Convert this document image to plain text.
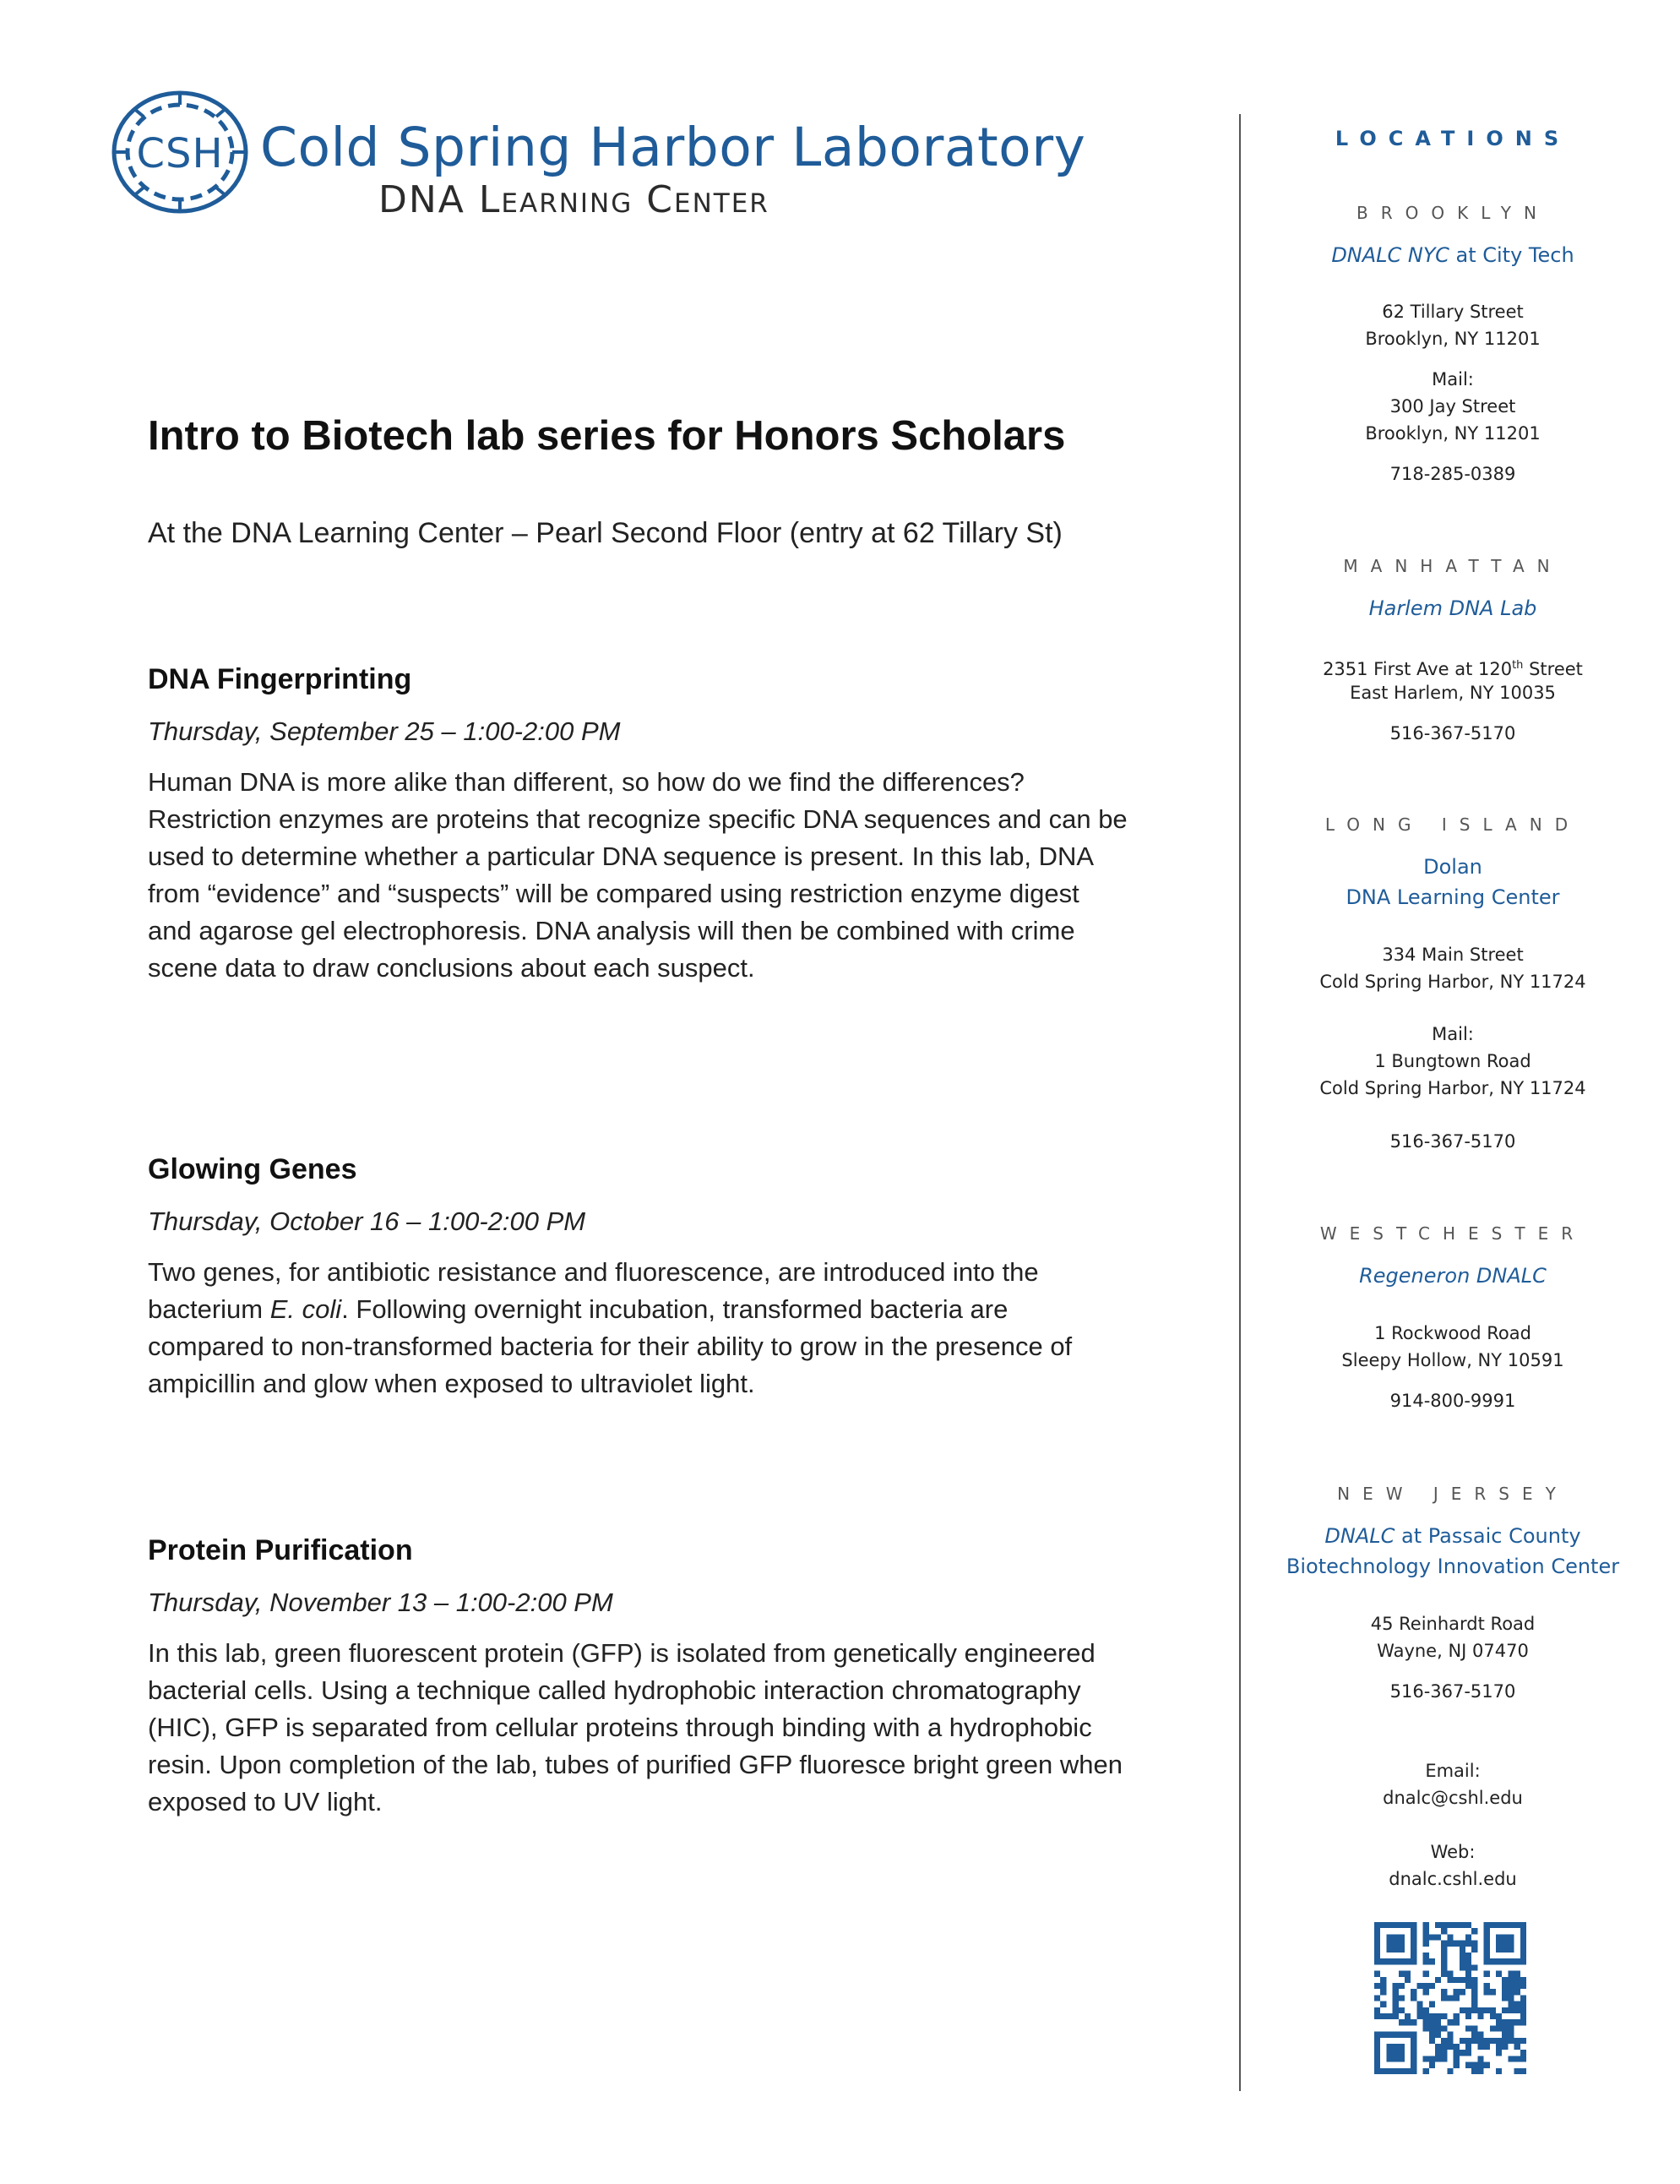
CSH Cold Spring Harbor Laboratory
DNA Learning Center
Intro to Biotech lab series for Honors Scholars

At the DNA Learning Center – Pearl Second Floor (entry at 62 Tillary St)

DNA Fingerprinting

Thursday, September 25 – 1:00-2:00 PM

Human DNA is more alike than different, so how do we find the differences? Restriction enzymes are proteins that recognize specific DNA sequences and can be used to determine whether a particular DNA sequence is present. In this lab, DNA from “evidence” and “suspects” will be compared using restriction enzyme digest and agarose gel electrophoresis. DNA analysis will then be combined with crime scene data to draw conclusions about each suspect.

Glowing Genes

Thursday, October 16 – 1:00-2:00 PM

Two genes, for antibiotic resistance and fluorescence, are introduced into the bacterium E. coli. Following overnight incubation, transformed bacteria are compared to non-transformed bacteria for their ability to grow in the presence of ampicillin and glow when exposed to ultraviolet light.

Protein Purification

Thursday, November 13 – 1:00-2:00 PM

In this lab, green fluorescent protein (GFP) is isolated from genetically engineered bacterial cells. Using a technique called hydrophobic interaction chromatography (HIC), GFP is separated from cellular proteins through binding with a hydrophobic resin. Upon completion of the lab, tubes of purified GFP fluoresce bright green when exposed to UV light.

LOCATIONS

BROOKLYN

DNALC NYC at City Tech

62 Tillary Street

Brooklyn, NY 11201

Mail:

300 Jay Street

Brooklyn, NY 11201

718-285-0389

MANHATTAN

Harlem DNA Lab

2351 First Ave at 120th Street

East Harlem, NY 10035

516-367-5170

LONG ISLAND

Dolan

DNA Learning Center

334 Main Street

Cold Spring Harbor, NY 11724

Mail:

1 Bungtown Road

Cold Spring Harbor, NY 11724

516-367-5170

WESTCHESTER

Regeneron DNALC

1 Rockwood Road

Sleepy Hollow, NY 10591

914-800-9991

NEW JERSEY

DNALC at Passaic County

Biotechnology Innovation Center

45 Reinhardt Road

Wayne, NJ 07470

516-367-5170

Email:

dnalc@cshl.edu

Web:

dnalc.cshl.edu
